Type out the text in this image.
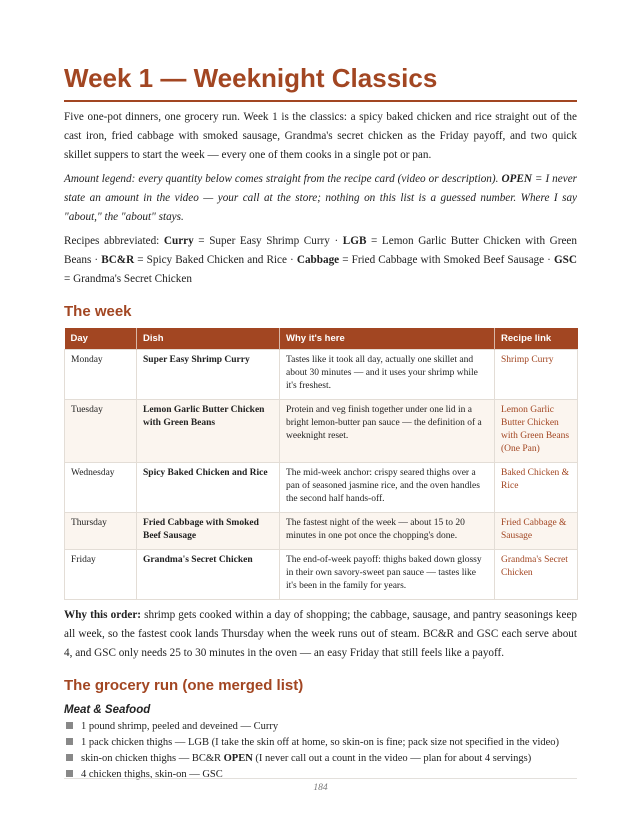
Week 1 — Weeknight Classics

Five one-pot dinners, one grocery run. Week 1 is the classics: a spicy baked chicken and rice straight out of the cast iron, fried cabbage with smoked sausage, Grandma's secret chicken as the Friday payoff, and two quick skillet suppers to start the week — every one of them cooks in a single pot or pan.

Amount legend: every quantity below comes straight from the recipe card (video or description). OPEN = I never state an amount in the video — your call at the store; nothing on this list is a guessed number. Where I say "about," the "about" stays.

Recipes abbreviated: Curry = Super Easy Shrimp Curry · LGB = Lemon Garlic Butter Chicken with Green Beans · BC&R = Spicy Baked Chicken and Rice · Cabbage = Fried Cabbage with Smoked Beef Sausage · GSC = Grandma's Secret Chicken

The week
Day	Dish	Why it's here	Recipe link
Monday	Super Easy Shrimp Curry	Tastes like it took all day, actually one skillet and about 30 minutes — and it uses your shrimp while it's freshest.	Shrimp Curry
Tuesday	Lemon Garlic Butter Chicken with Green Beans	Protein and veg finish together under one lid in a bright lemon-butter pan sauce — the definition of a weeknight reset.	Lemon Garlic Butter Chicken with Green Beans (One Pan)
Wednesday	Spicy Baked Chicken and Rice	The mid-week anchor: crispy seared thighs over a pan of seasoned jasmine rice, and the oven handles the second half hands-off.	Baked Chicken & Rice
Thursday	Fried Cabbage with Smoked Beef Sausage	The fastest night of the week — about 15 to 20 minutes in one pot once the chopping's done.	Fried Cabbage & Sausage
Friday	Grandma's Secret Chicken	The end-of-week payoff: thighs baked down glossy in their own savory-sweet pan sauce — tastes like it's been in the family for years.	Grandma's Secret Chicken

Why this order: shrimp gets cooked within a day of shopping; the cabbage, sausage, and pantry seasonings keep all week, so the fastest cook lands Thursday when the week runs out of steam. BC&R and GSC each serve about 4, and GSC only needs 25 to 30 minutes in the oven — an easy Friday that still feels like a payoff.

The grocery run (one merged list)
Meat & Seafood
1 pound shrimp, peeled and deveined — Curry
1 pack chicken thighs — LGB (I take the skin off at home, so skin-on is fine; pack size not specified in the video)
skin-on chicken thighs — BC&R OPEN (I never call out a count in the video — plan for about 4 servings)
4 chicken thighs, skin-on — GSC
184
